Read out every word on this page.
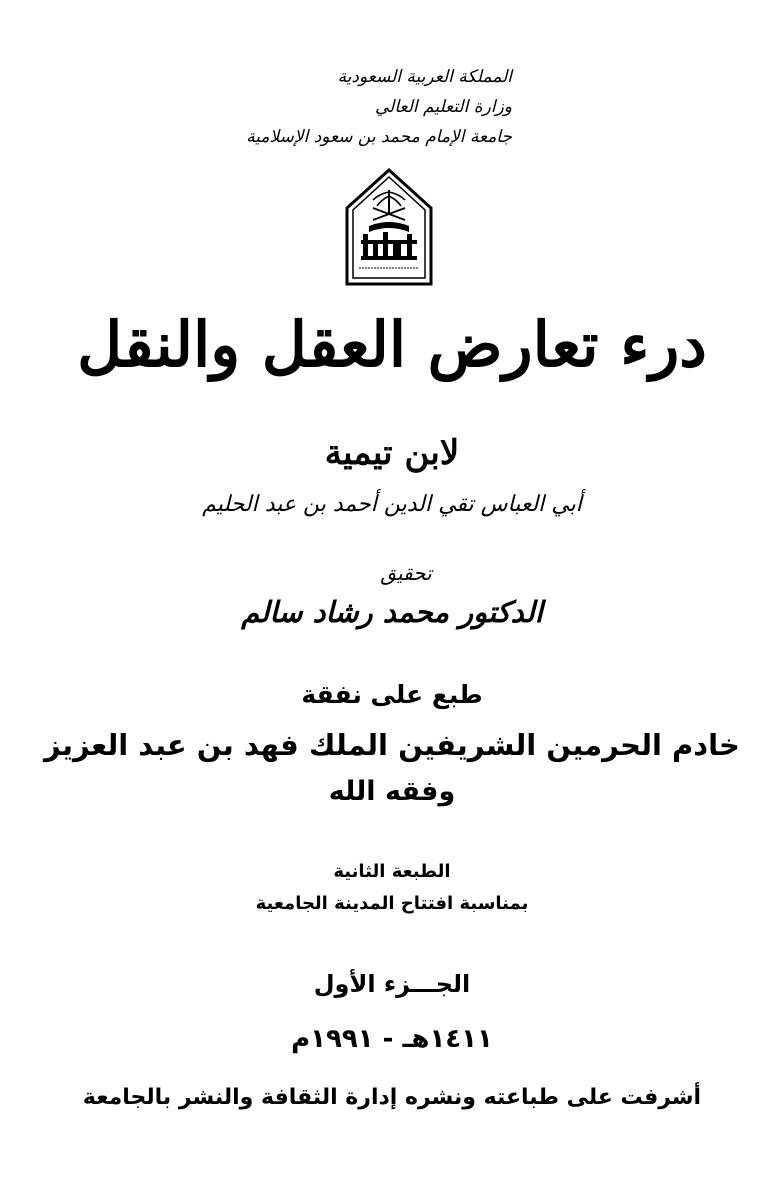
المملكة العربية السعودية
وزارة التعليم العالي
جامعة الإمام محمد بن سعود الإسلامية
درء تعارض العقل والنقل
لابن تيمية
أبي العباس تقي الدين أحمد بن عبد الحليم
تحقيق
الدكتور محمد رشاد سالم
طبع على نفقة
خادم الحرمين الشريفين الملك فهد بن عبد العزيز
وفقه الله
الطبعة الثانية
بمناسبة افتتاح المدينة الجامعية
الجـــزء الأول
١٤١١هـ - ١٩٩١م
أشرفت على طباعته ونشره إدارة الثقافة والنشر بالجامعة
